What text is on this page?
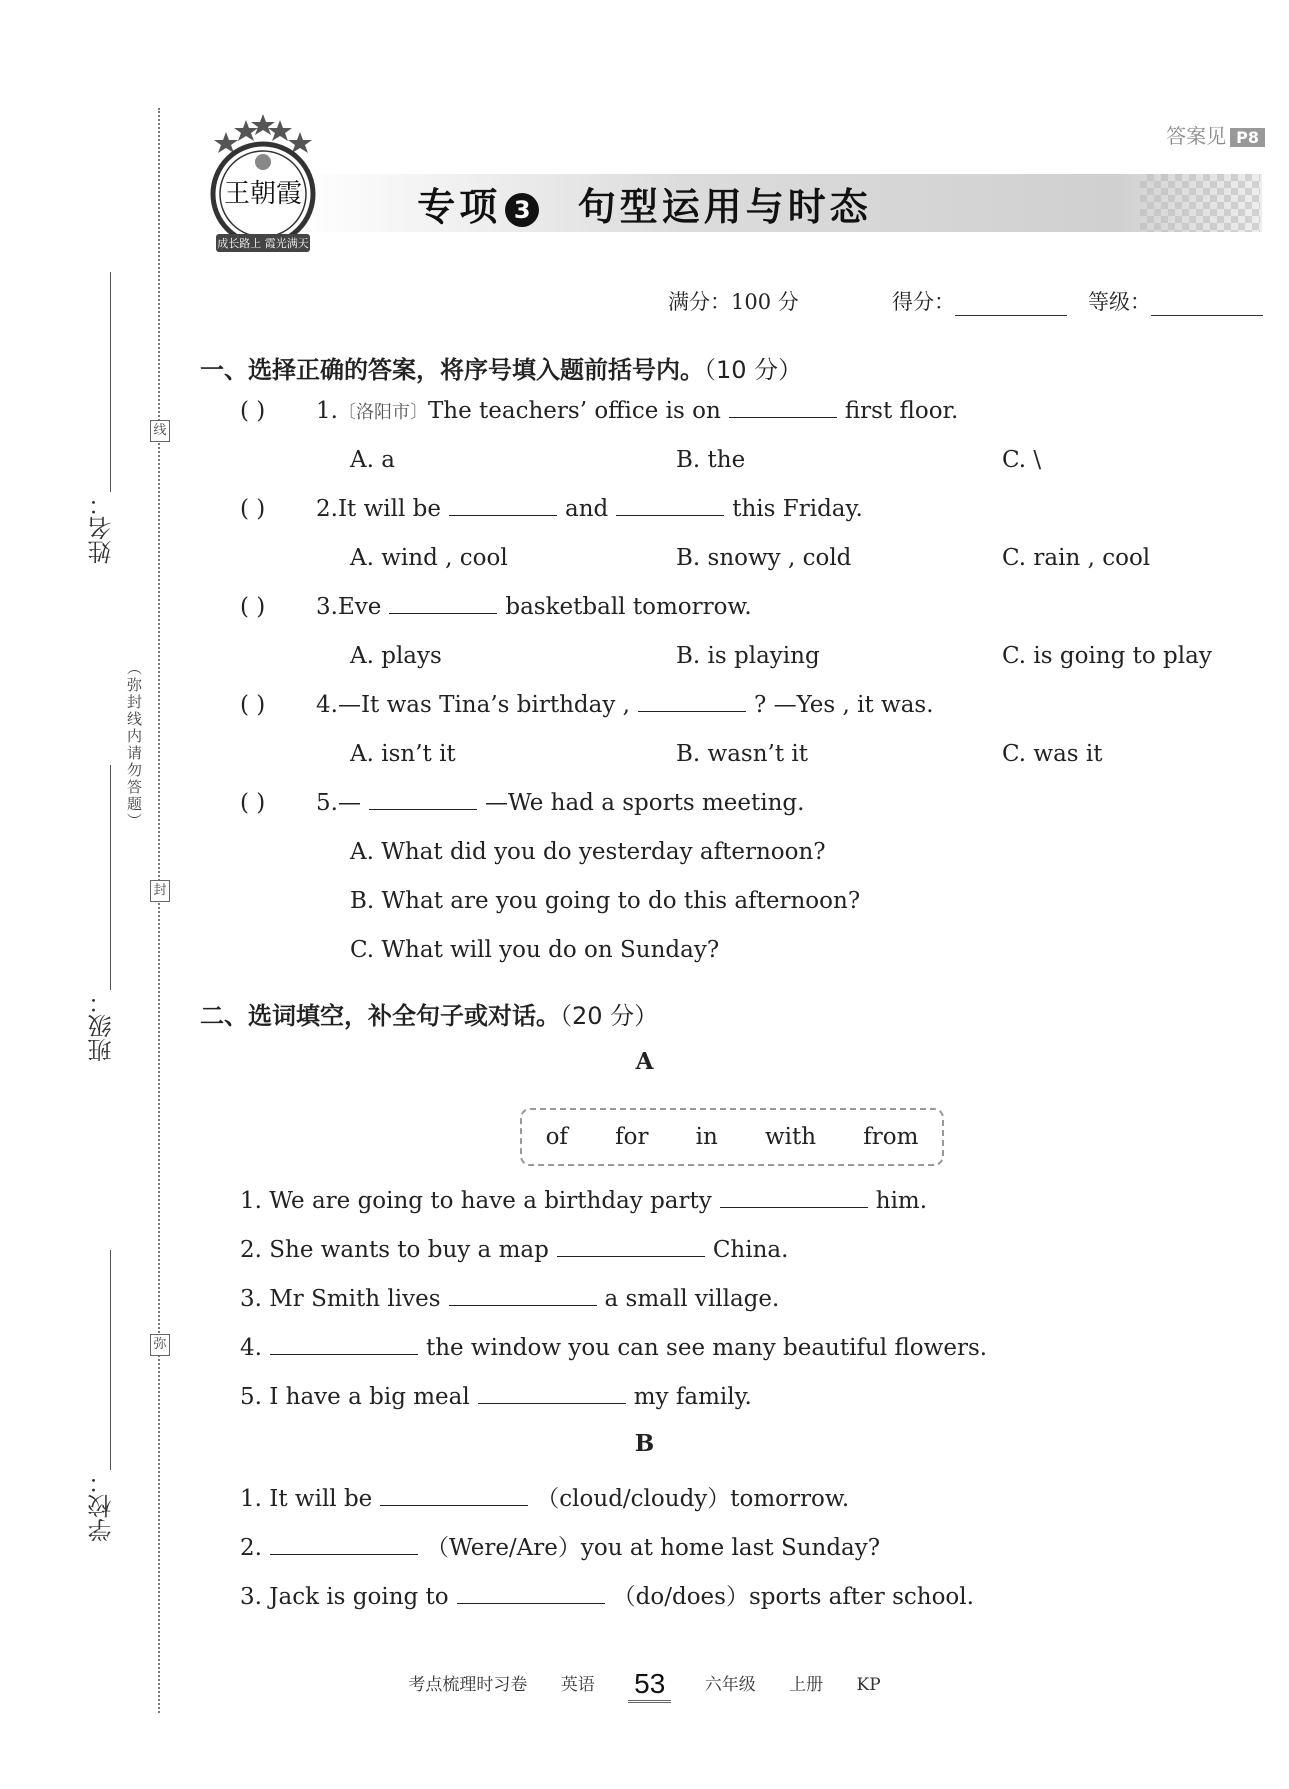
线
封
弥
姓名：
班级：
学校：
（弥封线内请勿答题）
王朝霞
成长路上 霞光满天
答案见 P8
专项 3 句型运用与时态
满分：100 分	得分：	等级：
一、选择正确的答案，将序号填入题前括号内。（10 分）
( ) 1.〔洛阳市〕The teachers’ office is on	first floor.
A. a	B. the	C. \
( ) 2.It will be	and	this Friday.
A. wind , cool	B. snowy , cold	C. rain , cool
( ) 3.Eve	basketball tomorrow.
A. plays	B. is playing	C. is going to play
( ) 4.—It was Tina’s birthday ,	? —Yes , it was.
A. isn’t it	B. wasn’t it	C. was it
( ) 5.—	—We had a sports meeting.
A. What did you do yesterday afternoon?
B. What are you going to do this afternoon?
C. What will you do on Sunday?
二、选词填空，补全句子或对话。（20 分）
A
of for in with from
1. We are going to have a birthday party	him.
2. She wants to buy a map	China.
3. Mr Smith lives	a small village.
4.	the window you can see many beautiful flowers.
5. I have a big meal	my family.
B
1. It will be	（cloud/cloudy）tomorrow.
2.	（Were/Are）you at home last Sunday?
3. Jack is going to	（do/does）sports after school.
考点梳理时习卷 英语 53 六年级 上册 KP
